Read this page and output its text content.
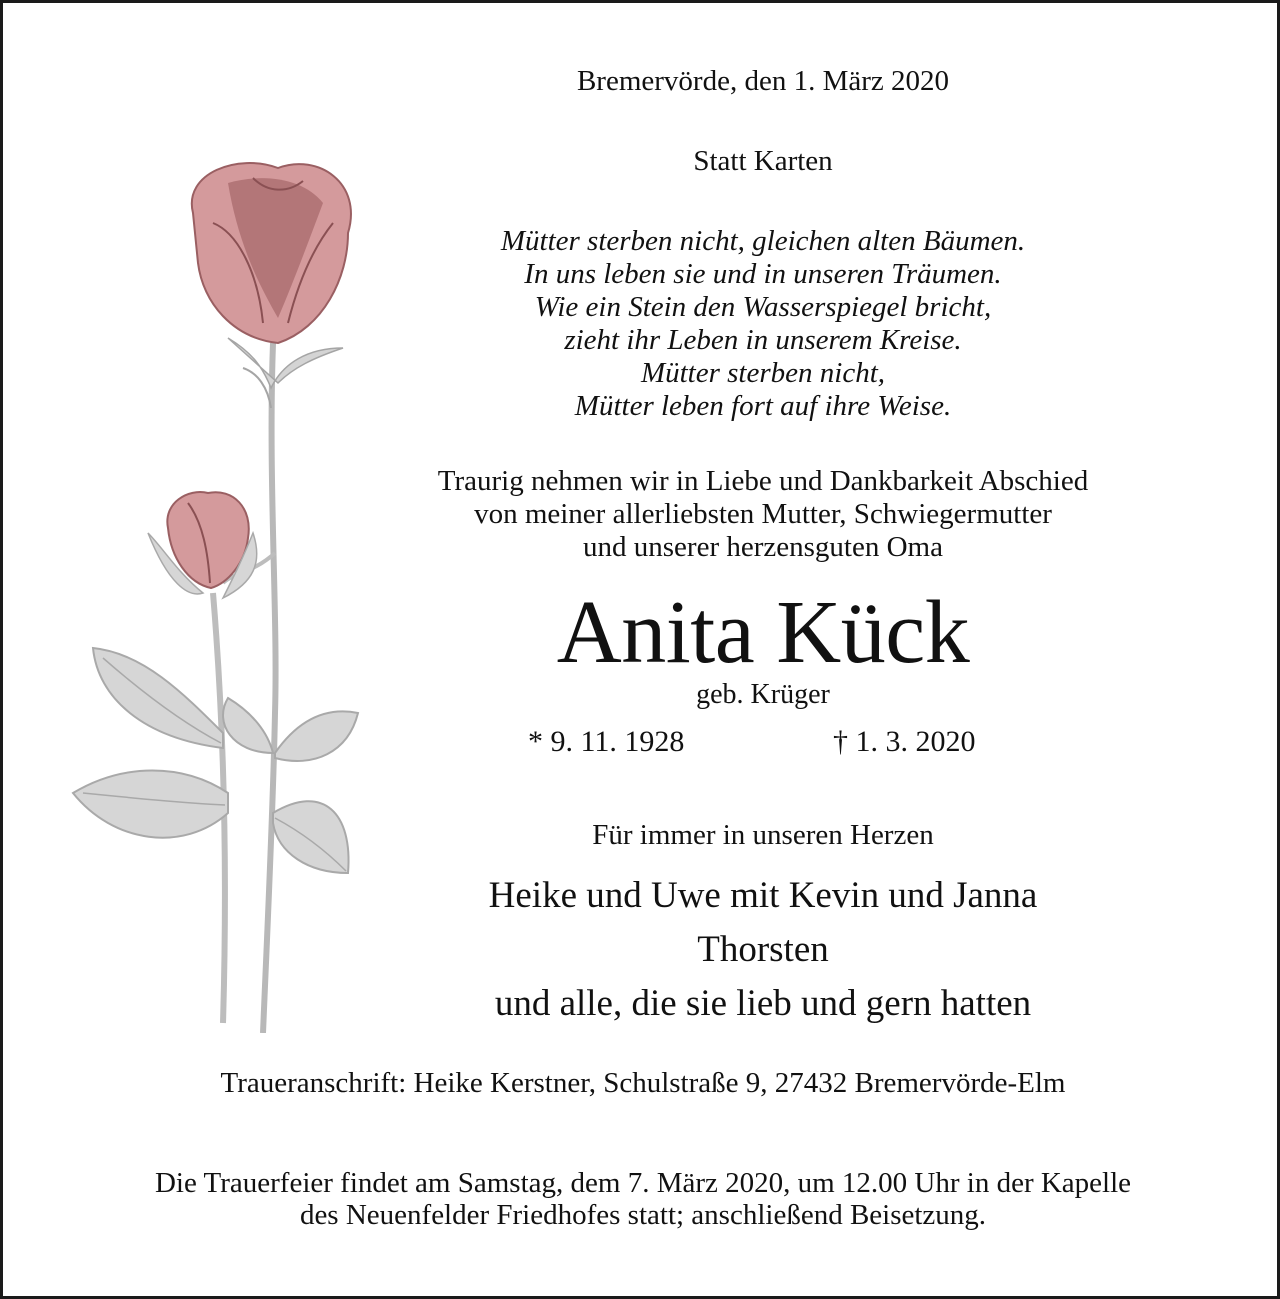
Bremervörde, den 1. März 2020
Statt Karten
Mütter sterben nicht, gleichen alten Bäumen.
In uns leben sie und in unseren Träumen.
Wie ein Stein den Wasserspiegel bricht,
zieht ihr Leben in unserem Kreise.
Mütter sterben nicht,
Mütter leben fort auf ihre Weise.
Traurig nehmen wir in Liebe und Dankbarkeit Abschied
von meiner allerliebsten Mutter, Schwiegermutter
und unserer herzensguten Oma
Anita Kück
geb. Krüger
* 9. 11. 1928	† 1. 3. 2020
Für immer in unseren Herzen
Heike und Uwe mit Kevin und Janna
Thorsten
und alle, die sie lieb und gern hatten
Traueranschrift: Heike Kerstner, Schulstraße 9, 27432 Bremervörde-Elm
Die Trauerfeier findet am Samstag, dem 7. März 2020, um 12.00 Uhr in der Kapelle
des Neuenfelder Friedhofes statt; anschließend Beisetzung.
